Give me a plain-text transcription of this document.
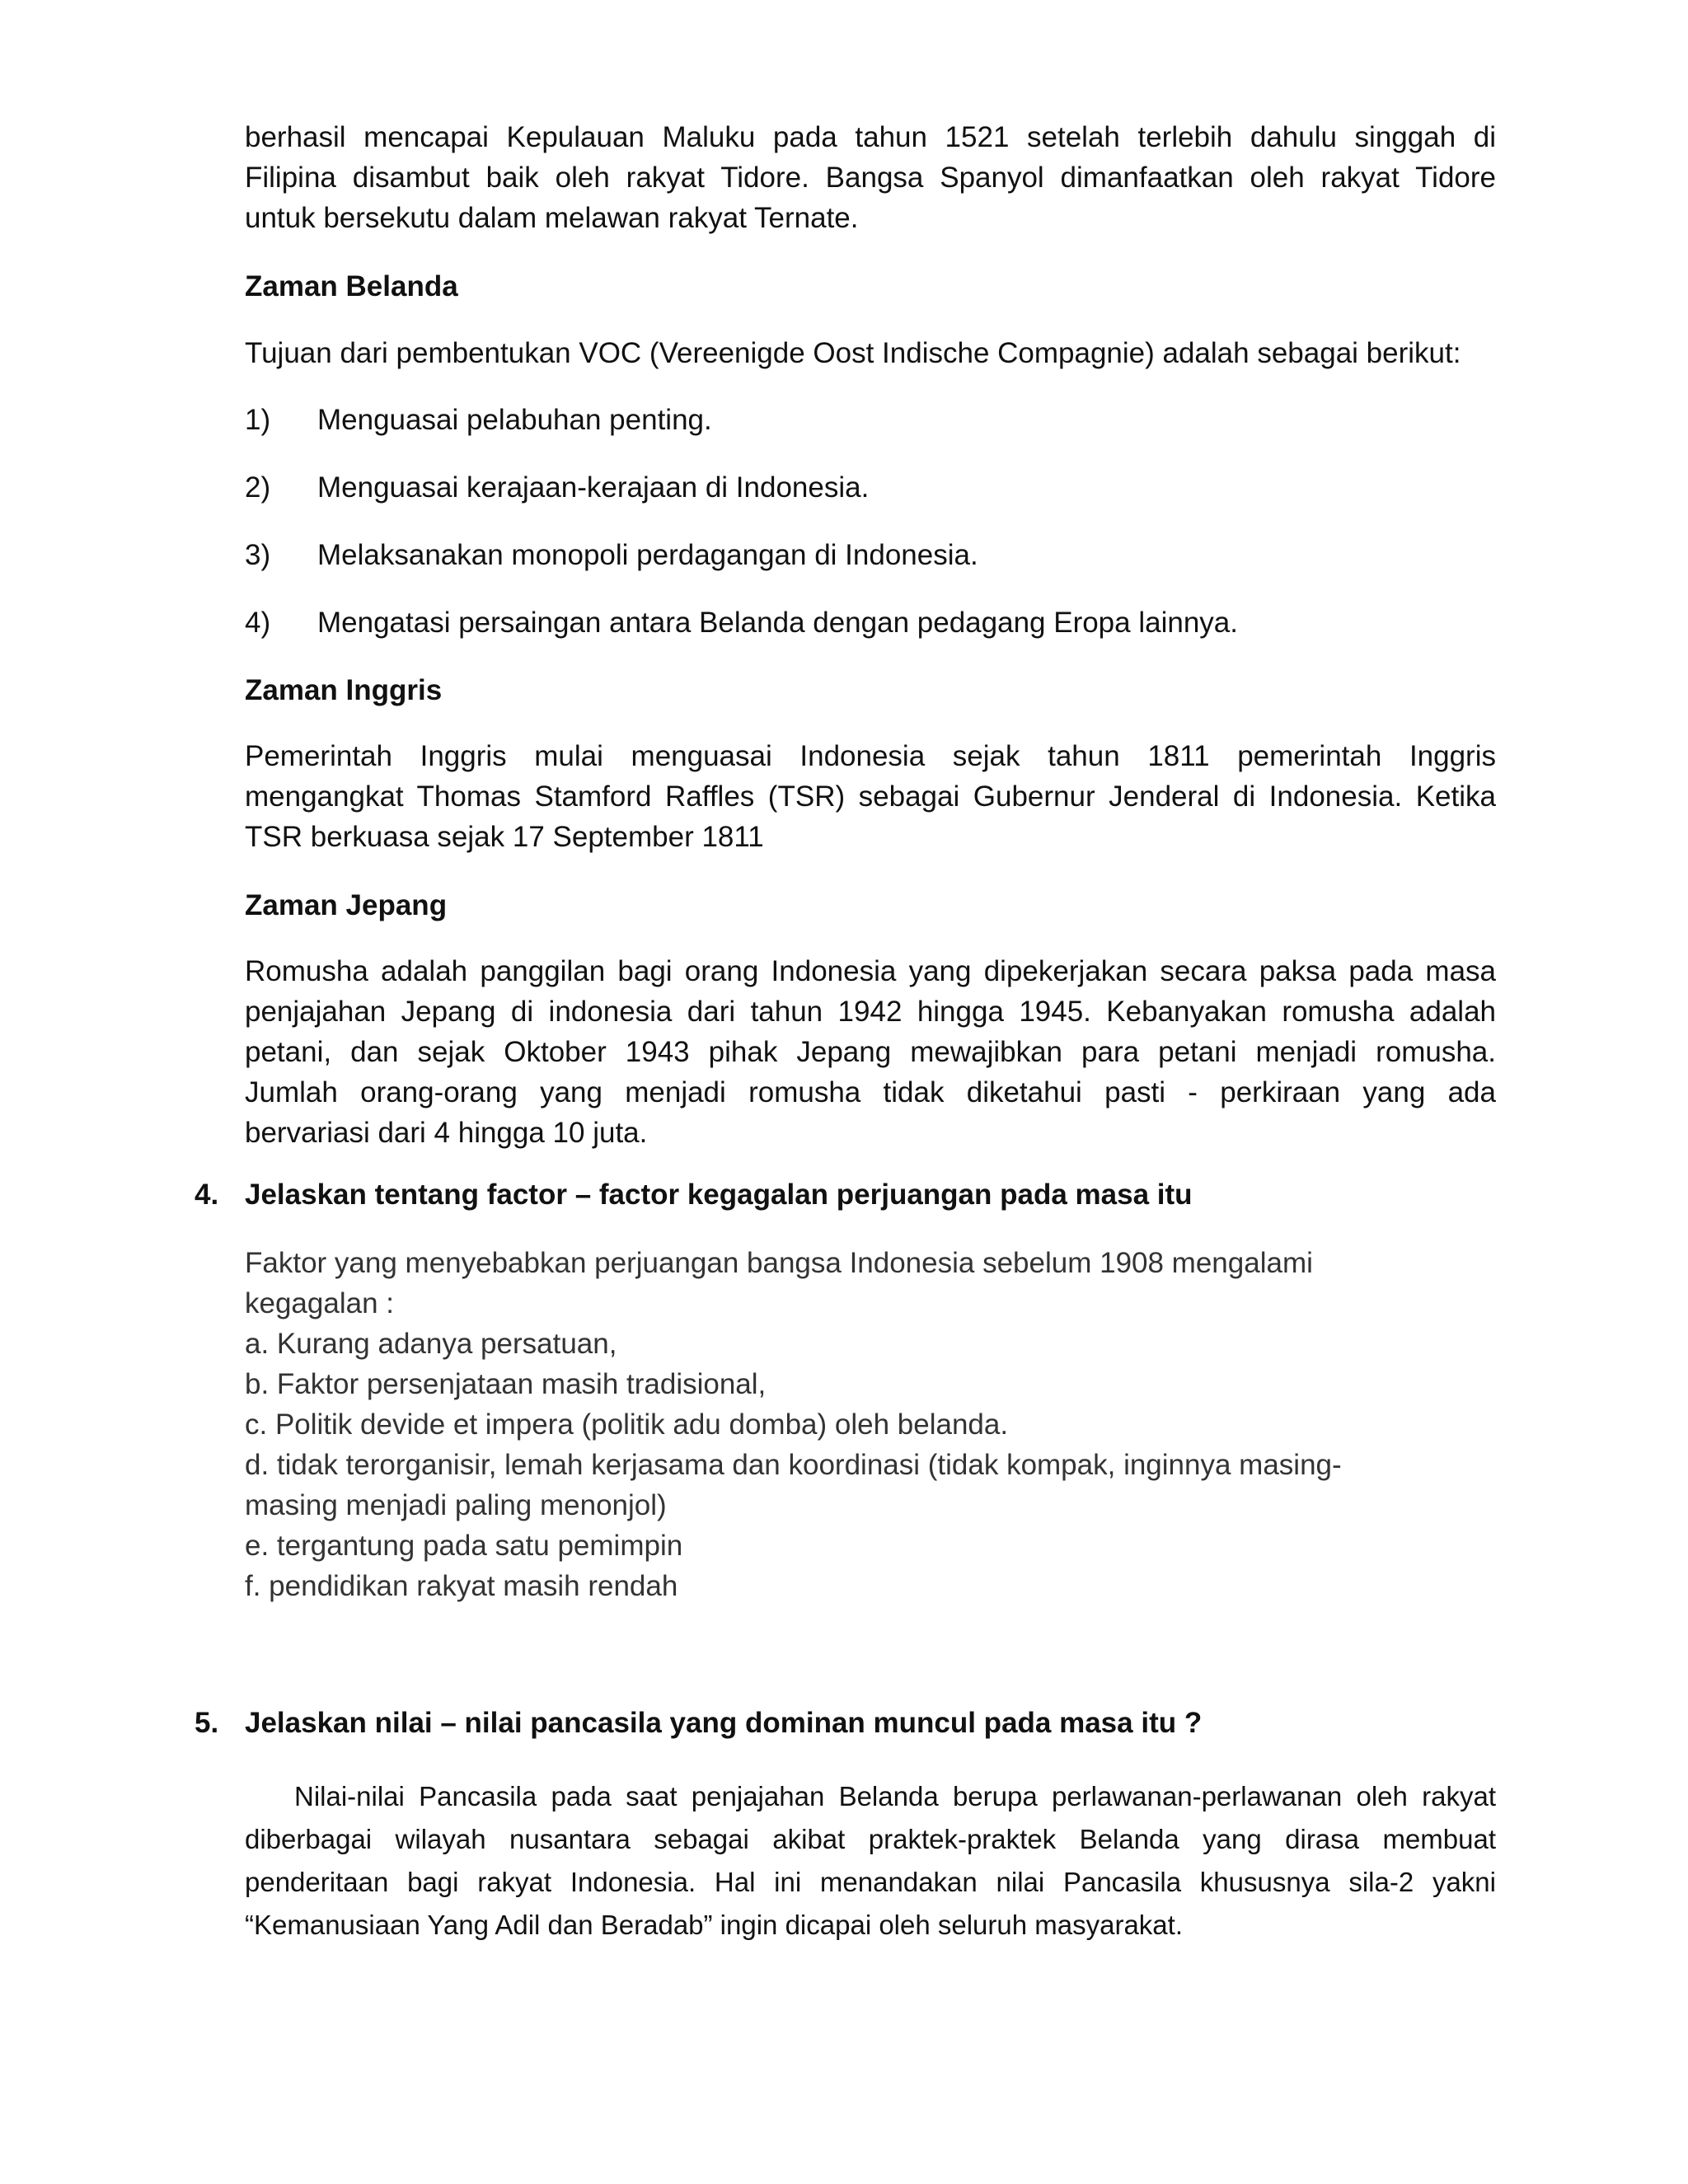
berhasil mencapai Kepulauan Maluku pada tahun 1521 setelah terlebih dahulu singgah di
Filipina disambut baik oleh rakyat Tidore. Bangsa Spanyol dimanfaatkan oleh rakyat Tidore
untuk bersekutu dalam melawan rakyat Ternate.
Zaman Belanda
Tujuan dari pembentukan VOC (Vereenigde Oost Indische Compagnie) adalah sebagai berikut:
1) Menguasai pelabuhan penting.
2) Menguasai kerajaan-kerajaan di Indonesia.
3) Melaksanakan monopoli perdagangan di Indonesia.
4) Mengatasi persaingan antara Belanda dengan pedagang Eropa lainnya.
Zaman Inggris
Pemerintah Inggris mulai menguasai Indonesia sejak tahun 1811 pemerintah Inggris
mengangkat Thomas Stamford Raffles (TSR) sebagai Gubernur Jenderal di Indonesia. Ketika
TSR berkuasa sejak 17 September 1811
Zaman Jepang
Romusha adalah panggilan bagi orang Indonesia yang dipekerjakan secara paksa pada masa
penjajahan Jepang di indonesia dari tahun 1942 hingga 1945. Kebanyakan romusha adalah
petani, dan sejak Oktober 1943 pihak Jepang mewajibkan para petani menjadi romusha.
Jumlah orang-orang yang menjadi romusha tidak diketahui pasti - perkiraan yang ada
bervariasi dari 4 hingga 10 juta.
4. Jelaskan tentang factor – factor kegagalan perjuangan pada masa itu
Faktor yang menyebabkan perjuangan bangsa Indonesia sebelum 1908 mengalami
kegagalan :
a. Kurang adanya persatuan,
b. Faktor persenjataan masih tradisional,
c. Politik devide et impera (politik adu domba) oleh belanda.
d. tidak terorganisir, lemah kerjasama dan koordinasi (tidak kompak, inginnya masing-
masing menjadi paling menonjol)
e. tergantung pada satu pemimpin
f. pendidikan rakyat masih rendah
5. Jelaskan nilai – nilai pancasila yang dominan muncul pada masa itu ?
Nilai-nilai Pancasila pada saat penjajahan Belanda berupa perlawanan-perlawanan oleh rakyat
diberbagai wilayah nusantara sebagai akibat praktek-praktek Belanda yang dirasa membuat
penderitaan bagi rakyat Indonesia. Hal ini menandakan nilai Pancasila khususnya sila-2 yakni
“Kemanusiaan Yang Adil dan Beradab” ingin dicapai oleh seluruh masyarakat.
